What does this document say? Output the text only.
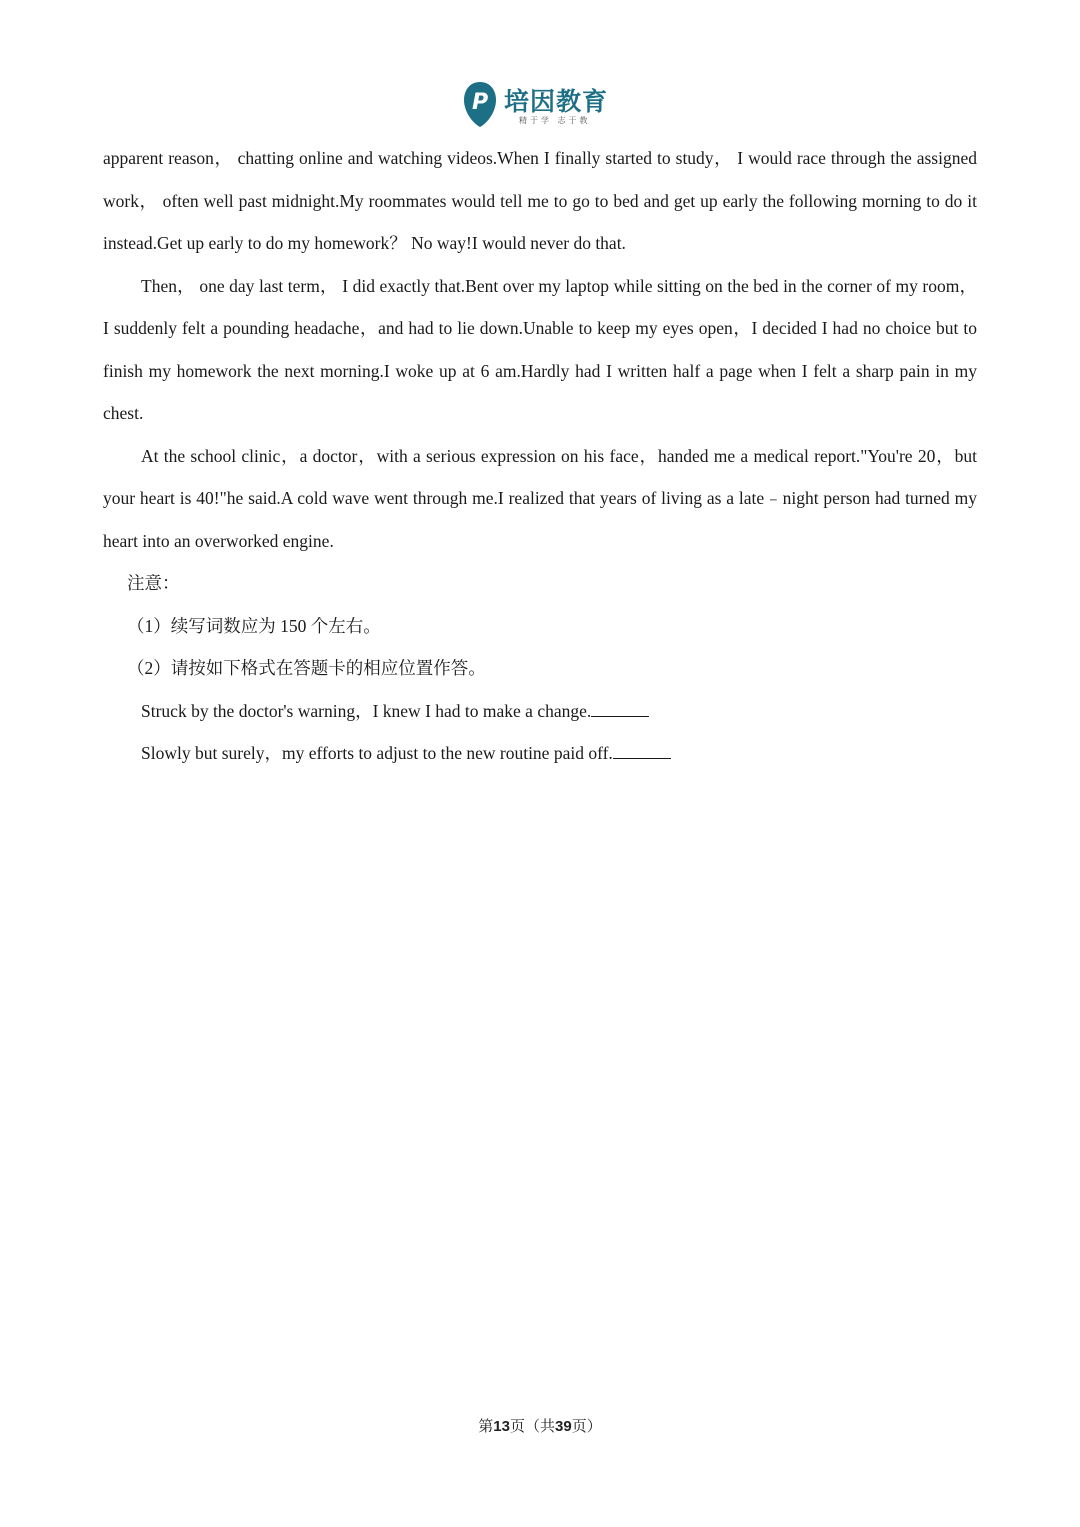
P 培因教育
精于学 志于教

apparent reason， chatting online and watching videos.When I finally started to study， I would race through the assigned work， often well past midnight.My roommates would tell me to go to bed and get up early the following morning to do it instead.Get up early to do my homework？ No way!I would never do that.

Then， one day last term， I did exactly that.Bent over my laptop while sitting on the bed in the corner of my room，I suddenly felt a pounding headache，and had to lie down.Unable to keep my eyes open，I decided I had no choice but to finish my homework the next morning.I woke up at 6 am.Hardly had I written half a page when I felt a sharp pain in my chest.

At the school clinic，a doctor，with a serious expression on his face，handed me a medical report."You're 20，but your heart is 40!"he said.A cold wave went through me.I realized that years of living as a late﹣night person had turned my heart into an overworked engine.

注意：

（1）续写词数应为 150 个左右。

（2）请按如下格式在答题卡的相应位置作答。

Struck by the doctor's warning，I knew I had to make a change.

Slowly but surely，my efforts to adjust to the new routine paid off.

第13页（共39页）
